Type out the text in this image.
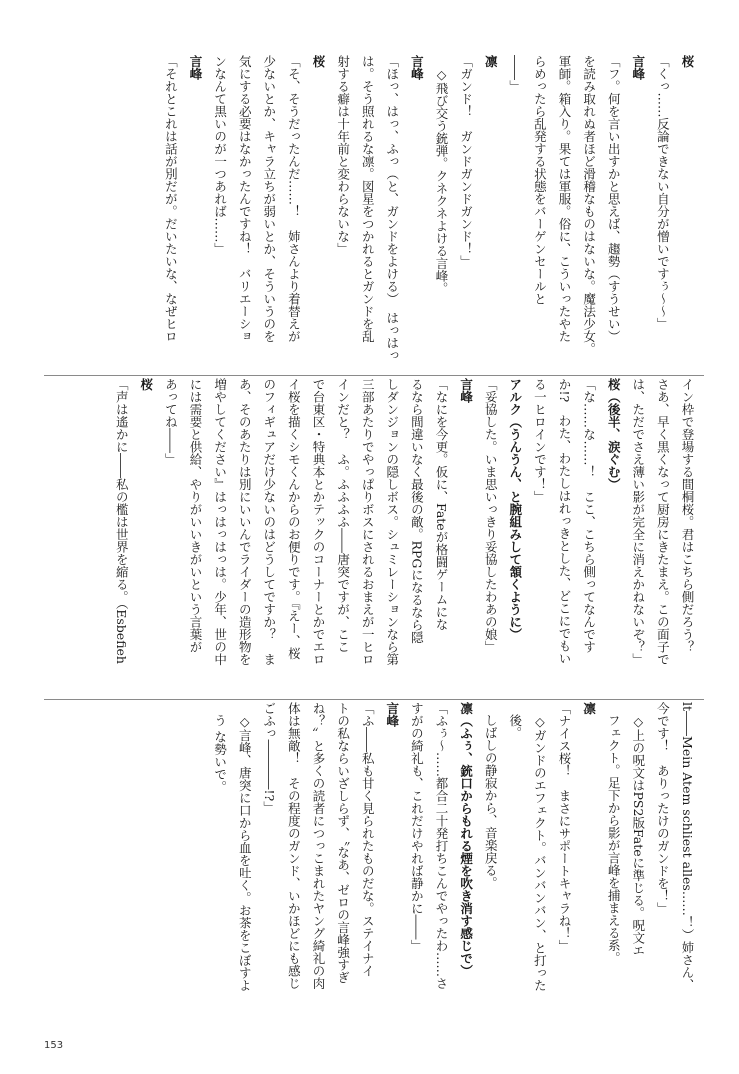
桜
「くっ……反論できない自分が憎いですぅ〜〜」
言峰
「フ。何を言い出すかと思えば、趨勢（すうせい）
を読み取れぬ者ほど滑稽なものはないな。魔法少女。
軍師。箱入り。果ては軍服。俗に、こういったやた
らめったら乱発する状態をバーゲンセールと
――」
凛
「ガンド！　ガンドガンドガンド！」
◇飛び交う銃弾。クネクネよける言峰。
言峰
「ほっ、はっ、ふっ（と、ガンドをよける）　はっはっ
は。そう照れるな凛。図星をつかれるとガンドを乱
射する癖は十年前と変わらないな」
桜
「そ、そうだったんだ……！　姉さんより着替えが
少ないとか、キャラ立ちが弱いとか、そういうのを
気にする必要はなかったんですね！　バリエーショ
ンなんて黒いのが一つあれば……」
言峰
「それとこれは話が別だが。だいたいな、なぜヒロ
イン枠で登場する間桐桜。君はこちら側だろう？
さあ、早く黒くなって厨房にきたまえ。この面子で
は、ただでさえ薄い影が完全に消えかねないぞ？」
桜（後半、涙ぐむ）
「な……な……！　ここ、こちら側ってなんです
か!?　わた、わたしはれっきとした、どこにでもい
る一ヒロインです！」
アルク（うんうん、と腕組みして頷くように）
「妥協した。いま思いっきり妥協したわあの娘」
言峰
「なにを今更。仮に、Fateが格闘ゲームにな
るなら間違いなく最後の敵。RPGになるなら隠
しダンジョンの隠しボス。シュミレーションなら第
三部あたりでやっぱりボスにされるおまえが一ヒロ
インだと？　ふ。ふふふふ――唐突ですが、ここ
で台東区・特典本とかテックのコーナーとかでエロ
イ桜を描くシモくんからのお便りです。『えー、桜
のフィギュアだけ少ないのはどうしてですか？　ま
あ、そのあたりは別にいいんでライダーの造形物を
増やしてください』はっはっはっは。少年、世の中
には需要と供給、やりがいいきがいという言葉が
あってね――」
桜
「声は遙かに――私の檻は世界を縮る。（Esbefieh
lt――Mein Atem schliest alles……！）姉さん、
今です！　ありったけのガンドを！」
◇上の呪文はPS2版Fateに準じる。呪文エ
フェクト。足下から影が言峰を捕まえる系。
凛
「ナイス桜！　まさにサポートキャラね！」
◇ガンドのエフェクト。バンバンバン、と打った
後。
しばしの静寂から、音楽戻る。
凛（ふぅ、銃口からもれる煙を吹き消す感じで）
「ふぅ〜……都合二十発打ちこんでやったわ……さ
すがの綺礼も、これだけやれば静かに――」
言峰
「ふ――私も甘く見られたものだな。ステイナイ
トの私ならいざしらず、〝なあ、ゼロの言峰強すぎ
ね？〟と多くの読者につっこまれたヤング綺礼の肉
体は無敵！　その程度のガンド、いかほどにも感じ
ごふっ――――!?」
◇言峰、唐突に口から血を吐く。お茶をこぼすよ
う な勢いで。
153
